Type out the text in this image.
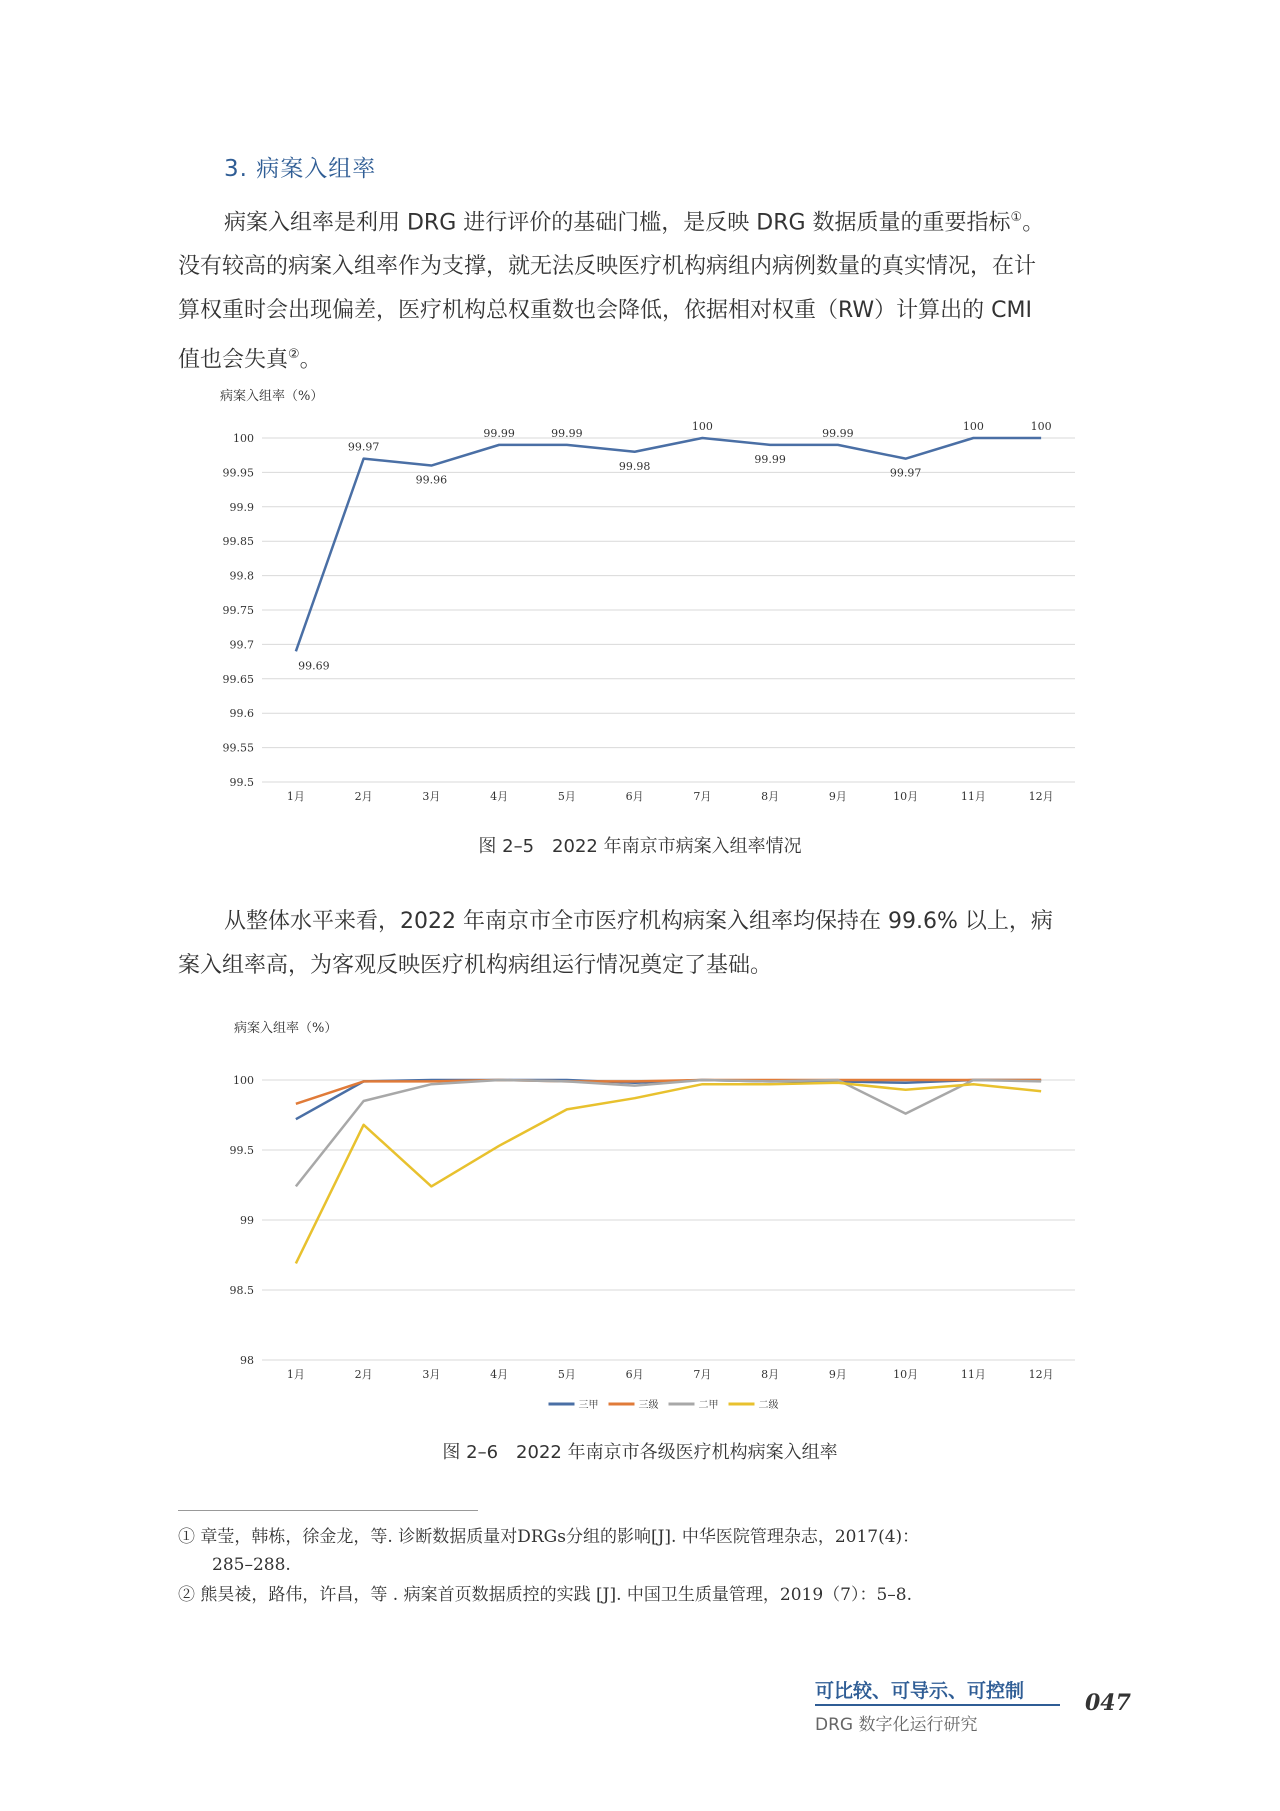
3. 病案入组率
病案入组率是利用 DRG 进行评价的基础门槛，是反映 DRG 数据质量的重要指标①。
没有较高的病案入组率作为支撑，就无法反映医疗机构病组内病例数量的真实情况，在计
算权重时会出现偏差，医疗机构总权重数也会降低，依据相对权重（RW）计算出的 CMI
值也会失真②。
病案入组率（%）
100
99.95
99.9
99.85
99.8
99.75
99.7
99.65
99.6
99.55
99.5
1月	2月	3月	4月	5月	6月	7月	8月	9月	10月	11月	12月
99.69
99.97
99.96
99.99	99.99
99.98
100
99.99
99.99
99.97
100	100
图 2–5　2022 年南京市病案入组率情况
从整体水平来看，2022 年南京市全市医疗机构病案入组率均保持在 99.6% 以上，病
案入组率高，为客观反映医疗机构病组运行情况奠定了基础。
病案入组率（%）
100
99.5
99
98.5
98
1月	2月	3月	4月	5月	6月	7月	8月	9月	10月	11月	12月
三甲	三级	二甲	二级
图 2–6　2022 年南京市各级医疗机构病案入组率
① 章莹，韩栋，徐金龙，等. 诊断数据质量对DRGs分组的影响[J]. 中华医院管理杂志，2017(4)：
285–288.
② 熊昊祾，路伟，许昌，等 . 病案首页数据质控的实践 [J]. 中国卫生质量管理，2019（7）：5–8.
可比较、可导示、可控制
DRG 数字化运行研究
047
